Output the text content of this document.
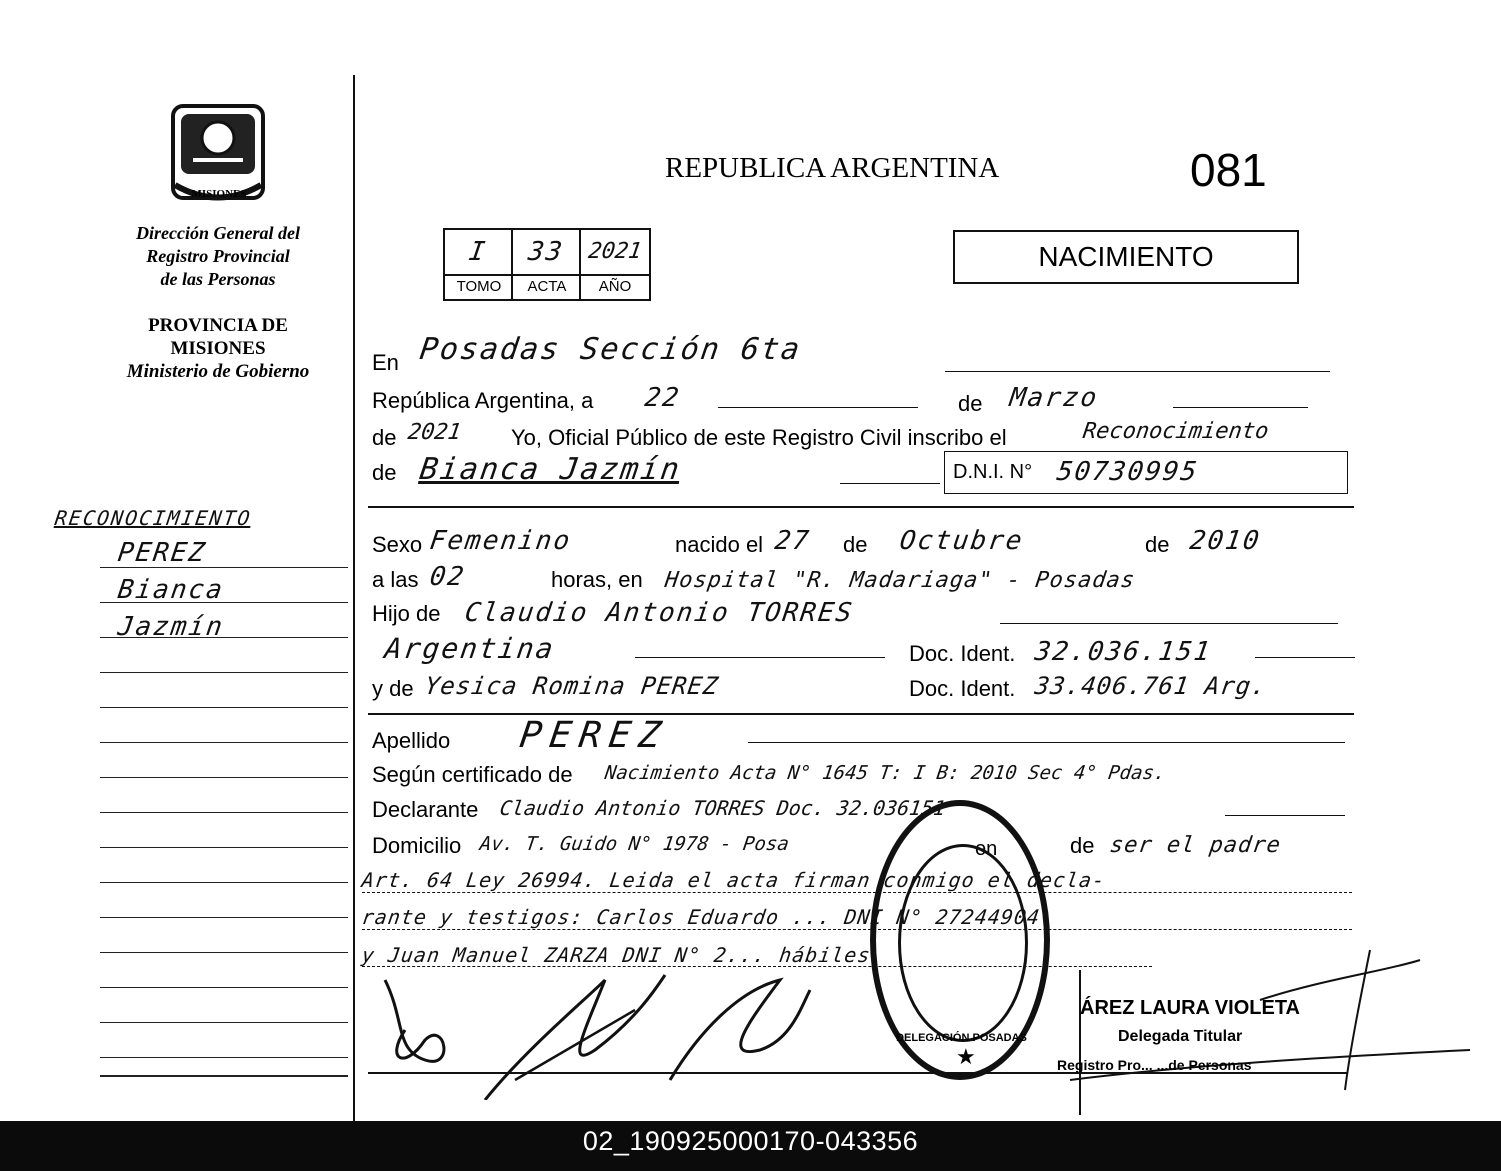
MISIONES
Dirección General del
Registro Provincial
de las Personas
PROVINCIA DE
MISIONES
Ministerio de Gobierno
RECONOCIMIENTO
PEREZ
Bianca
Jazmín
REPUBLICA ARGENTINA	081
NACIMIENTO
I	33 2021
TOMO	ACTA	AÑO
En Posadas Sección 6ta
República Argentina, a 22	de Marzo
de 2021 Yo, Oficial Público de este Registro Civil inscribo el	Reconocimiento
de Bianca Jazmín	D.N.I. N° 50730995
Sexo Femenino	nacido el 27 de Octubre	de 2010
a las 02	horas, en Hospital "R. Madariaga" - Posadas
Hijo de Claudio Antonio TORRES
Argentina	Doc. Ident. 32.036.151
y de Yesica Romina PEREZ	Doc. Ident. 33.406.761 Arg.
Apellido PEREZ
Según certificado de Nacimiento Acta N° 1645 T: I B: 2010 Sec 4° Pdas.
Declarante Claudio Antonio TORRES Doc. 32.036151
Domicilio Av. T. Guido N° 1978 - Posa	en	de ser el padre
Art. 64 Ley 26994. Leida el acta firman conmigo el decla-
rante y testigos: Carlos Eduardo ... DNI N° 27244904
y Juan Manuel ZARZA DNI N° 2... hábiles
DELEGACIÓN POSADAS
★
ÁREZ LAURA VIOLETA
Delegada Titular
Registro Pro... ...de Personas
02_190925000170-043356
